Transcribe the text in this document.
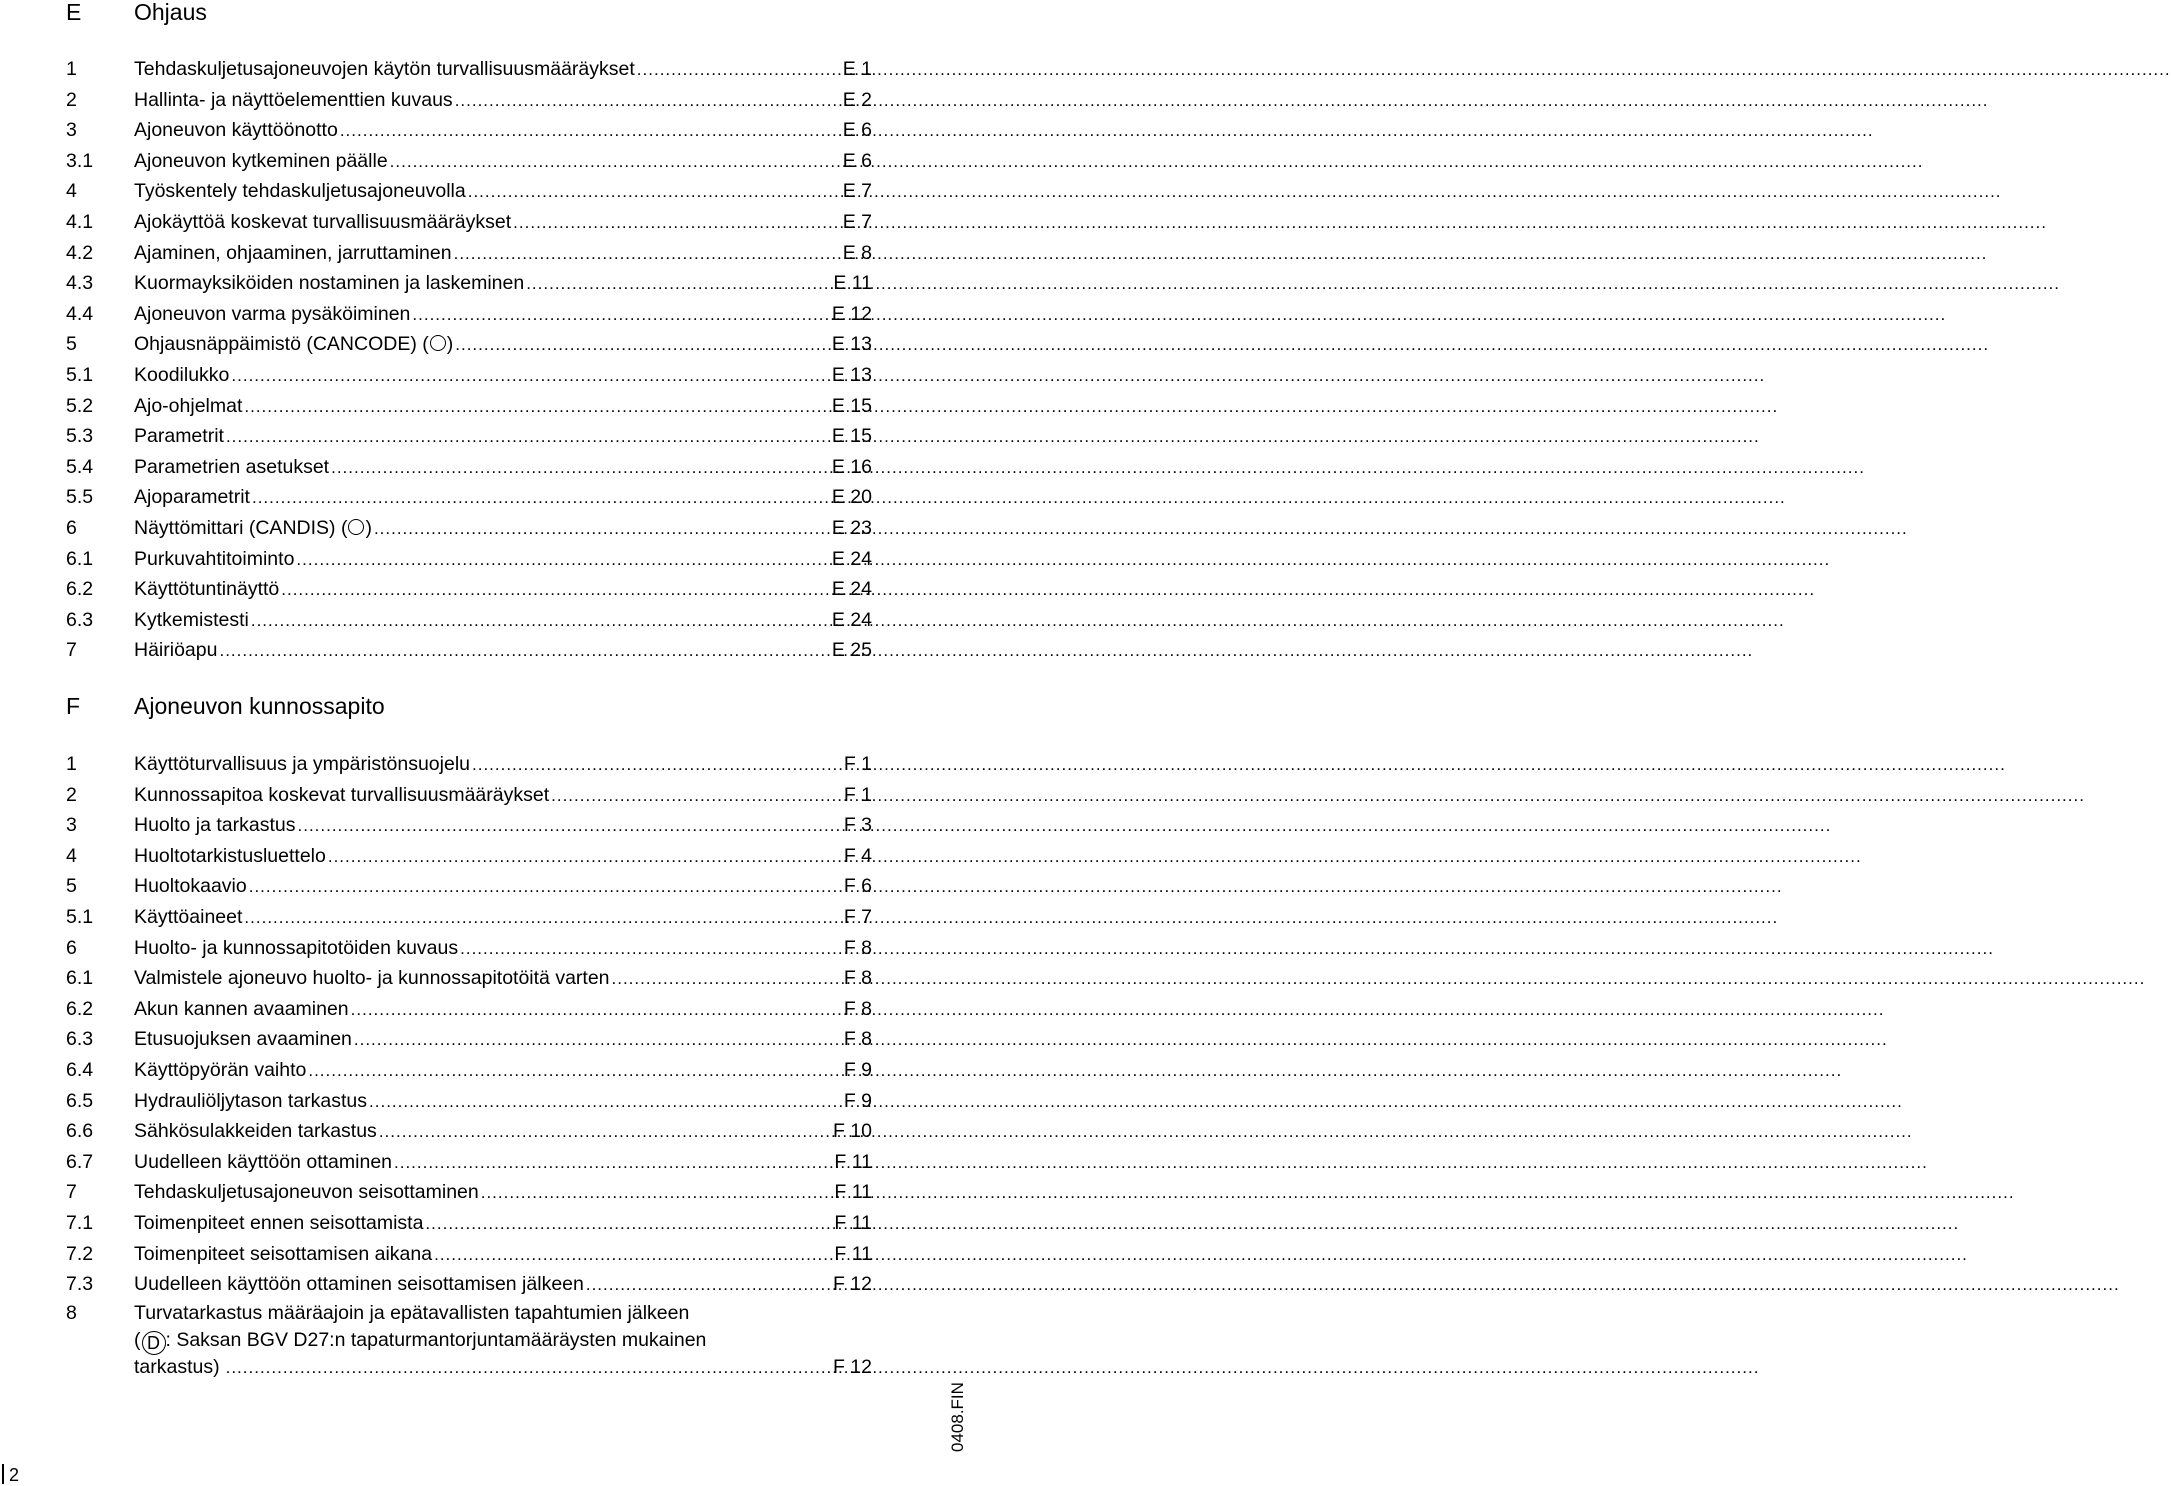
E Ohjaus
1	Tehdaskuljetusajoneuvojen käytön turvallisuusmääräykset .....	E 1
2	Hallinta- ja näyttöelementtien kuvaus .....	E 2
3	Ajoneuvon käyttöönotto .....	E 6
3.1 Ajoneuvon kytkeminen päälle .....	E 6
4	Työskentely tehdaskuljetusajoneuvolla .....	E 7
4.1 Ajokäyttöä koskevat turvallisuusmääräykset .....	E 7
4.2 Ajaminen, ohjaaminen, jarruttaminen .....	E 8
4.3 Kuormayksiköiden nostaminen ja laskeminen .....	E 11
4.4 Ajoneuvon varma pysäköiminen .....	E 12
5	Ohjausnäppäimistö (CANCODE) ( ) .....	E 13
5.1 Koodilukko .....	E 13
5.2 Ajo-ohjelmat .....	E 15
5.3 Parametrit .....	E 15
5.4 Parametrien asetukset .....	E 16
5.5 Ajoparametrit .....	E 20
6	Näyttömittari (CANDIS) ( ) .....	E 23
6.1 Purkuvahtitoiminto .....	E 24
6.2 Käyttötuntinäyttö .....	E 24
6.3 Kytkemistesti .....	E 24
7	Häiriöapu .....	E 25
F Ajoneuvon kunnossapito
1	Käyttöturvallisuus ja ympäristönsuojelu .....	F 1
2	Kunnossapitoa koskevat turvallisuusmääräykset .....	F 1
3	Huolto ja tarkastus .....	F 3
4	Huoltotarkistusluettelo .....	F 4
5	Huoltokaavio .....	F 6
5.1 Käyttöaineet .....	F 7
6	Huolto- ja kunnossapitotöiden kuvaus .....	F 8
6.1 Valmistele ajoneuvo huolto- ja kunnossapitotöitä varten .....	F 8
6.2 Akun kannen avaaminen .....	F 8
6.3 Etusuojuksen avaaminen .....	F 8
6.4 Käyttöpyörän vaihto .....	F 9
6.5 Hydrauliöljytason tarkastus .....	F 9
6.6 Sähkösulakkeiden tarkastus .....	F 10
6.7 Uudelleen käyttöön ottaminen .....	F 11
7	Tehdaskuljetusajoneuvon seisottaminen .....	F 11
7.1 Toimenpiteet ennen seisottamista .....	F 11
7.2 Toimenpiteet seisottamisen aikana .....	F 11
7.3 Uudelleen käyttöön ottaminen seisottamisen jälkeen .....	F 12
8	Turvatarkastus määräajoin ja epätavallisten tapahtumien jälkeen
( D : Saksan BGV D27:n tapaturmantorjuntamääräysten mukainen
tarkastus) .....	F 12
0408.FIN
2
